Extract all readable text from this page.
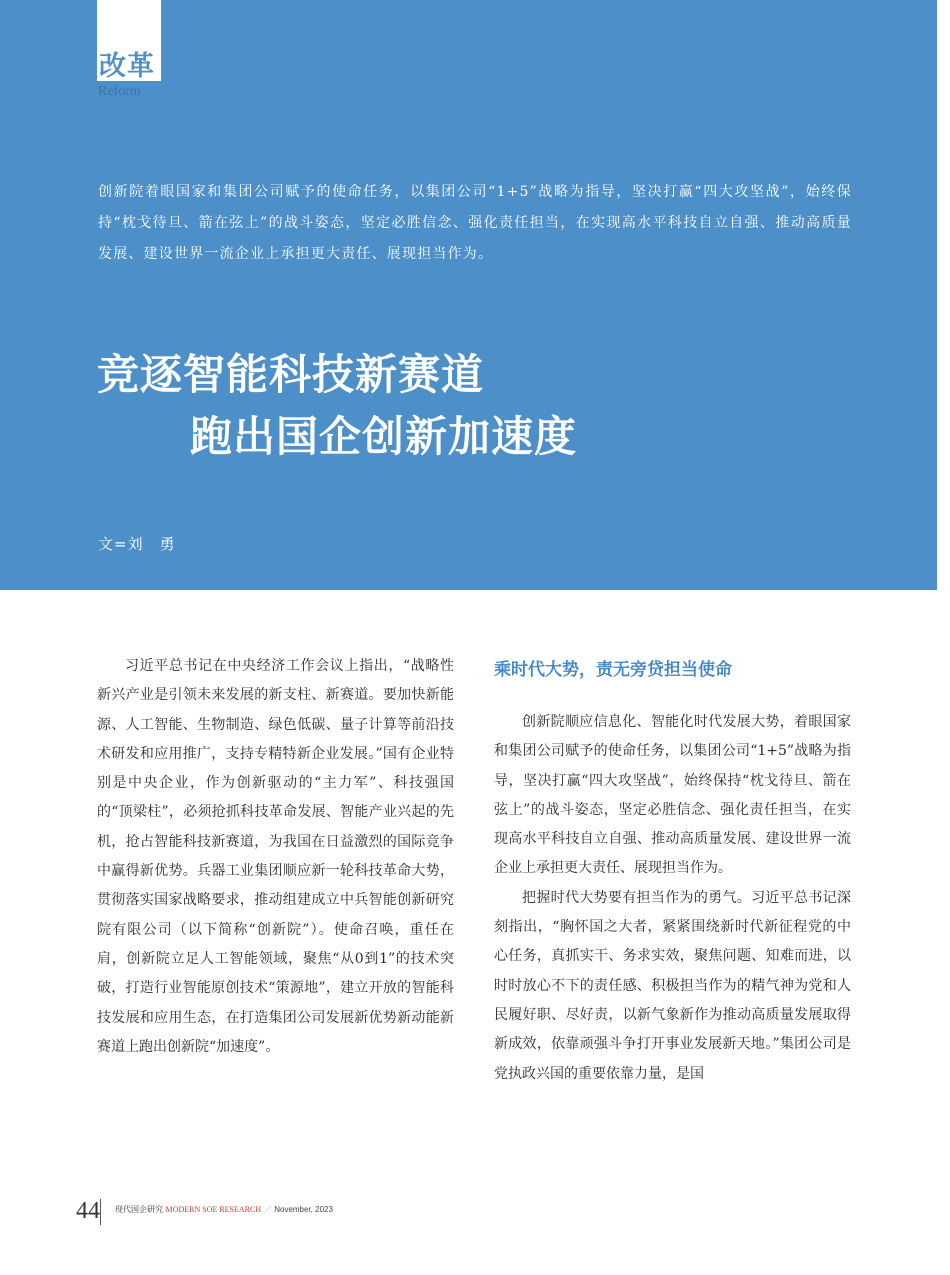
改革
Reform
创新院着眼国家和集团公司赋予的使命任务，以集团公司“1+5”战略为指导，坚决打赢“四大攻坚战”，始终保持“枕戈待旦、箭在弦上”的战斗姿态，坚定必胜信念、强化责任担当，在实现高水平科技自立自强、推动高质量发展、建设世界一流企业上承担更大责任、展现担当作为。
竞逐智能科技新赛道
跑出国企创新加速度
文=刘　勇

习近平总书记在中央经济工作会议上指出，“战略性新兴产业是引领未来发展的新支柱、新赛道。要加快新能源、人工智能、生物制造、绿色低碳、量子计算等前沿技术研发和应用推广，支持专精特新企业发展。”国有企业特别是中央企业，作为创新驱动的“主力军”、科技强国的“顶梁柱”，必须抢抓科技革命发展、智能产业兴起的先机，抢占智能科技新赛道，为我国在日益激烈的国际竞争中赢得新优势。兵器工业集团顺应新一轮科技革命大势，贯彻落实国家战略要求，推动组建成立中兵智能创新研究院有限公司（以下简称“创新院”）。使命召唤，重任在肩，创新院立足人工智能领域，聚焦“从0到1”的技术突破，打造行业智能原创技术“策源地”，建立开放的智能科技发展和应用生态，在打造集团公司发展新优势新动能新赛道上跑出创新院“加速度”。

乘时代大势，责无旁贷担当使命

创新院顺应信息化、智能化时代发展大势，着眼国家和集团公司赋予的使命任务，以集团公司“1+5”战略为指导，坚决打赢“四大攻坚战”，始终保持“枕戈待旦、箭在弦上”的战斗姿态，坚定必胜信念、强化责任担当，在实现高水平科技自立自强、推动高质量发展、建设世界一流企业上承担更大责任、展现担当作为。

把握时代大势要有担当作为的勇气。习近平总书记深刻指出，“胸怀国之大者，紧紧围绕新时代新征程党的中心任务，真抓实干、务求实效，聚焦问题、知难而进，以时时放心不下的责任感、积极担当作为的精气神为党和人民履好职、尽好责，以新气象新作为推动高质量发展取得新成效，依靠顽强斗争打开事业发展新天地。”集团公司是党执政兴国的重要依靠力量，是国

44 现代国企研究 MODERN SOE RESEARCH ／ November, 2023
